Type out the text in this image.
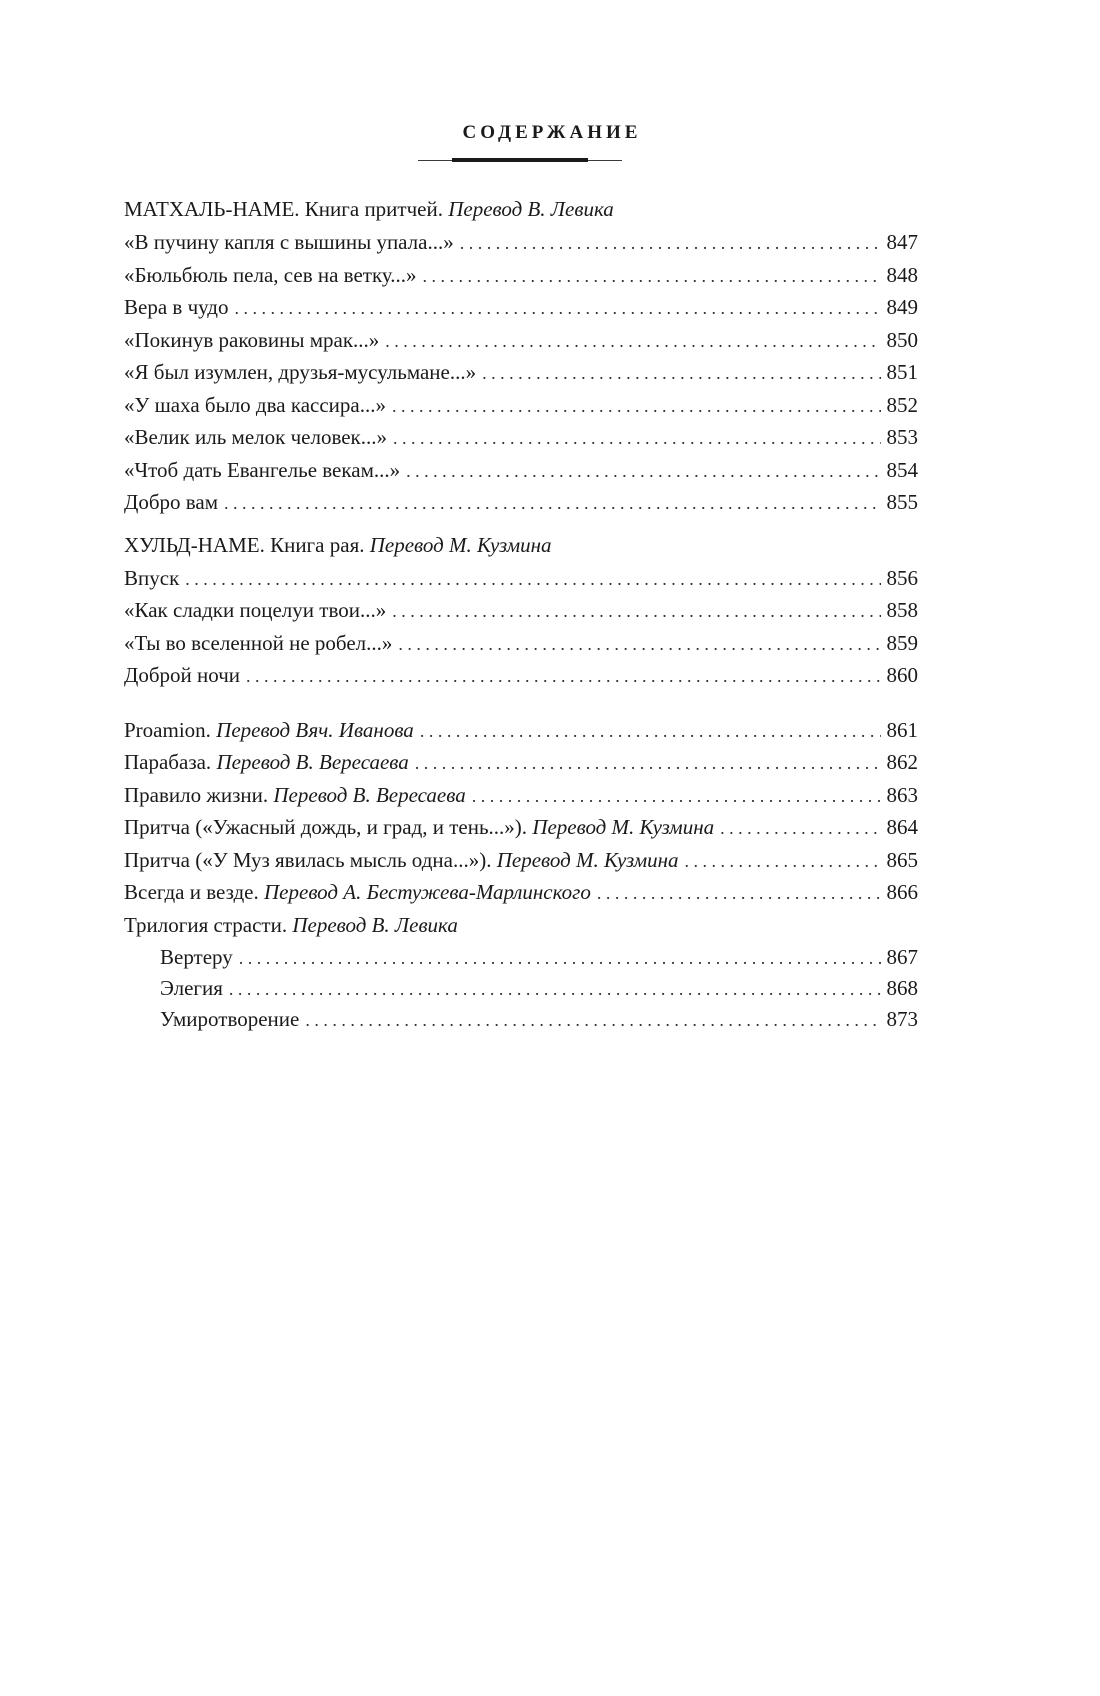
СОДЕРЖАНИЕ
МАТХАЛЬ-НАМЕ. Книга притчей. Перевод В. Левика
«В пучину капля с вышины упала...» . . .	847
«Бюльбюль пела, сев на ветку...» . . .	848
Вера в чудо . . .	849
«Покинув раковины мрак...» . . .	850
«Я был изумлен, друзья-мусульмане...» . . .	851
«У шаха было два кассира...» . . .	852
«Велик иль мелок человек...» . . .	853
«Чтоб дать Евангелье векам...» . . .	854
Добро вам . . .	855
ХУЛЬД-НАМЕ. Книга рая. Перевод М. Кузмина
Впуск . . .	856
«Как сладки поцелуи твои...» . . .	858
«Ты во вселенной не робел...» . . .	859
Доброй ночи . . .	860
Proamion. Перевод Вяч. Иванова . . .	861
Парабаза. Перевод В. Вересаева . . .	862
Правило жизни. Перевод В. Вересаева . . .	863
Притча («Ужасный дождь, и град, и тень...»). Перевод М. Кузмина . . .	864
Притча («У Муз явилась мысль одна...»). Перевод М. Кузмина . . .	865
Всегда и везде. Перевод А. Бестужева-Марлинского . . .	866
Трилогия страсти. Перевод В. Левика
Вертеру . . .	867
Элегия . . .	868
Умиротворение . . .	873
